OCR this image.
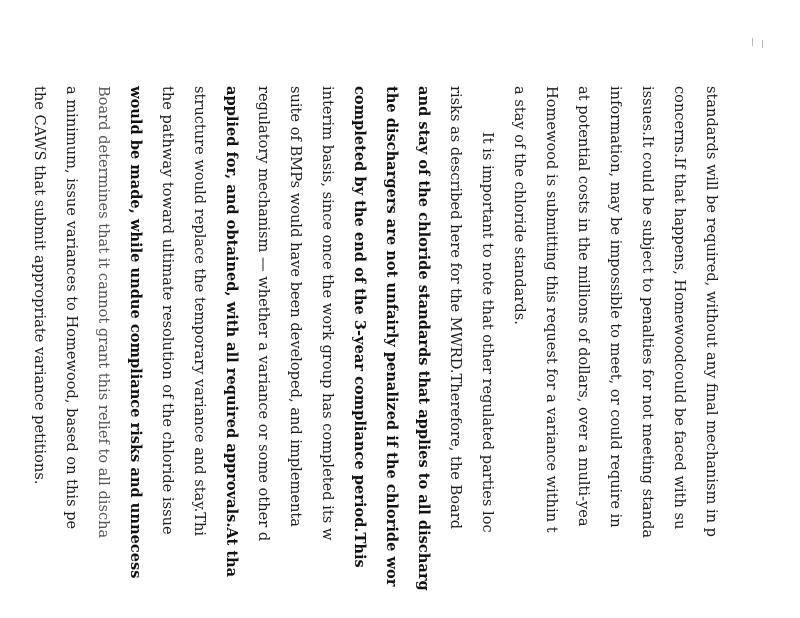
standards will be required, without any final mechanism in p
concerns.If that happens, Homewoodcould be faced with su
issues.It could be subject to penalties for not meeting standa
information, may be impossible to meet, or could require in
at potential costs in the millions of dollars, over a multi-yea
Homewood is submitting this request for a variance within t
a stay of the chloride standards.
It is important to note that other regulated parties loc
risks as described here for the MWRD.Therefore, the Board
and stay of the chloride standards that applies to all discharg
the dischargers are not unfairly penalized if the chloride wor
completed by the end of the 3-year compliance period.This
interim basis, since once the work group has completed its w
suite of BMPs would have been developed, and implementa
regulatory mechanism — whether a variance or some other d
applied for, and obtained, with all required approvals.At tha
structure would replace the temporary variance and stay.Thi
the pathway toward ultimate resolution of the chloride issue
would be made, while undue compliance risks and unnecess
Board determines that it cannot grant this relief to all discha
a minimum, issue variances to Homewood, based on this pe
the CAWS that submit appropriate variance petitions.
